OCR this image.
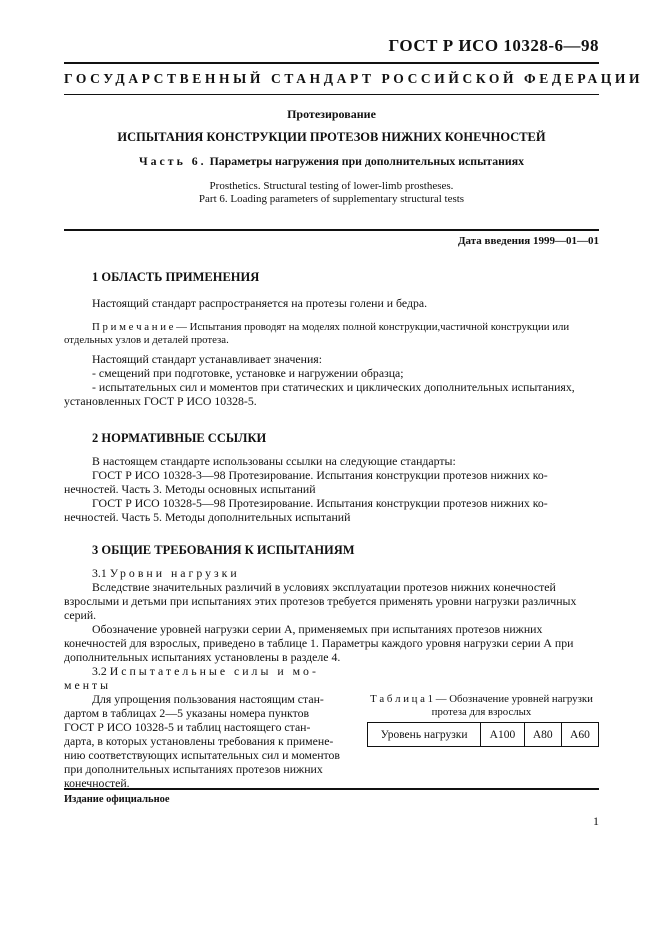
ГОСТ Р ИСО 10328-6—98
ГОСУДАРСТВЕННЫЙ СТАНДАРТ РОССИЙСКОЙ ФЕДЕРАЦИИ
Протезирование
ИСПЫТАНИЯ КОНСТРУКЦИИ ПРОТЕЗОВ НИЖНИХ КОНЕЧНОСТЕЙ
Часть 6. Параметры нагружения при дополнительных испытаниях
Prosthetics. Structural testing of lower-limb prostheses.
Part 6. Loading parameters of supplementary structural tests
Дата введения 1999—01—01
1 ОБЛАСТЬ ПРИМЕНЕНИЯ
Настоящий стандарт распространяется на протезы голени и бедра.
П р и м е ч а н и е — Испытания проводят на моделях полной конструкции,частичной конструкции или
отдельных узлов и деталей протеза.
Настоящий стандарт устанавливает значения:
- смещений при подготовке, установке и нагружении образца;
- испытательных сил и моментов при статических и циклических дополнительных испытаниях,
установленных ГОСТ Р ИСО 10328-5.
2 НОРМАТИВНЫЕ ССЫЛКИ
В настоящем стандарте использованы ссылки на следующие стандарты:
ГОСТ Р ИСО 10328-3—98 Протезирование. Испытания конструкции протезов нижних ко-
нечностей. Часть 3. Методы основных испытаний
ГОСТ Р ИСО 10328-5—98 Протезирование. Испытания конструкции протезов нижних ко-
нечностей. Часть 5. Методы дополнительных испытаний
3 ОБЩИЕ ТРЕБОВАНИЯ К ИСПЫТАНИЯМ
3.1 Уровни нагрузки
Вследствие значительных различий в условиях эксплуатации протезов нижних конечностей
взрослыми и детьми при испытаниях этих протезов требуется применять уровни нагрузки различных
серий.
Обозначение уровней нагрузки серии А, применяемых при испытаниях протезов нижних
конечностей для взрослых, приведено в таблице 1. Параметры каждого уровня нагрузки серии А при
дополнительных испытаниях установлены в разделе 4.
3.2 Испытательные силы и мо-
менты
Для упрощения пользования настоящим стан-
дартом в таблицах 2—5 указаны номера пунктов
ГОСТ Р ИСО 10328-5 и таблиц настоящего стан-
дарта, в которых установлены требования к примене-
нию соответствующих испытательных сил и моментов
при дополнительных испытаниях протезов нижних
конечностей.
Т а б л и ц а 1 — Обозначение уровней нагрузки
протеза для взрослых
Уровень нагрузки	A100	A80	A60
Издание официальное
1
